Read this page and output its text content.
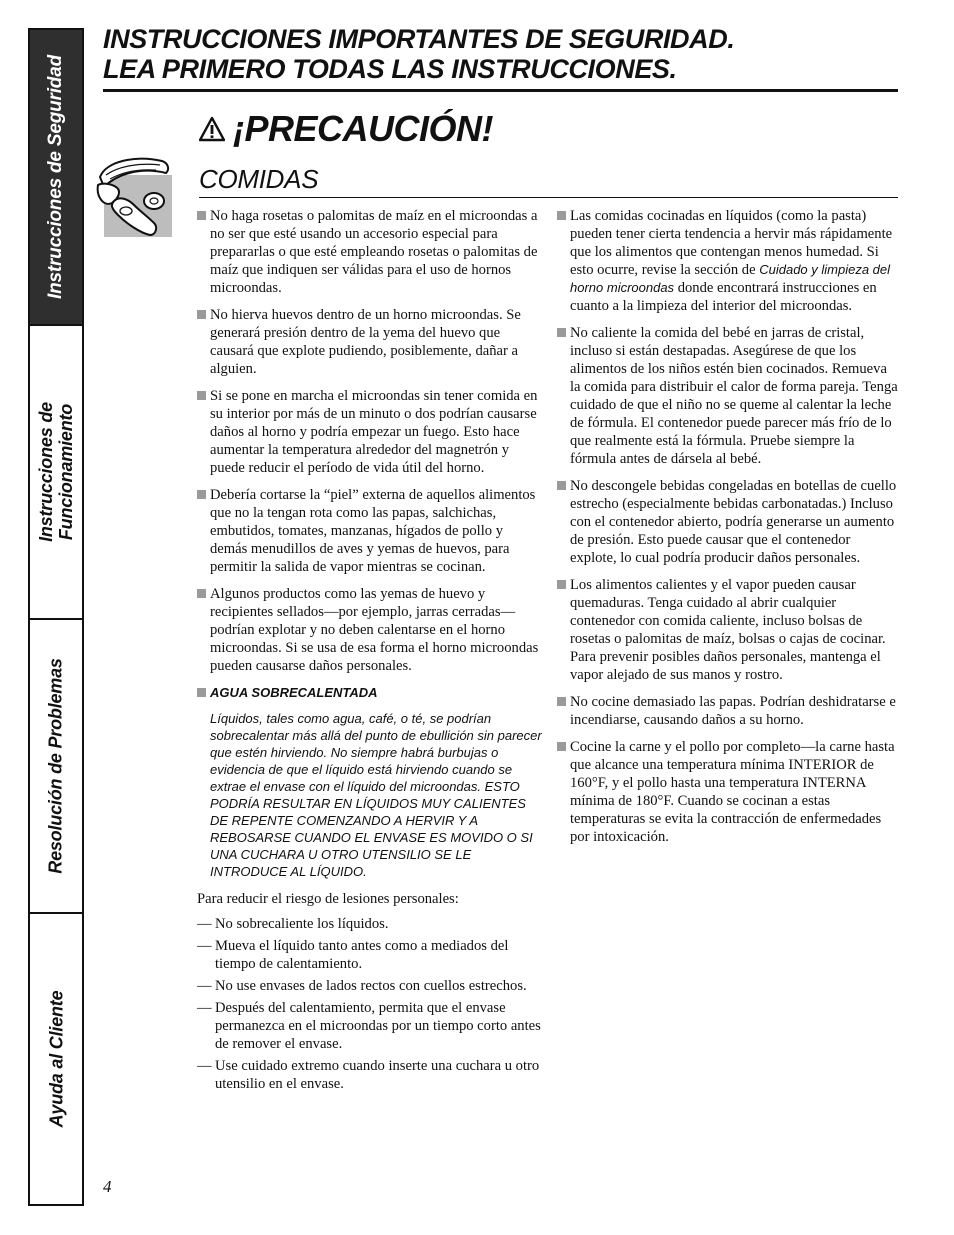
Instrucciones de Seguridad
Instrucciones de Funcionamiento
Resolución de Problemas
Ayuda al Cliente
INSTRUCCIONES IMPORTANTES DE SEGURIDAD.
LEA PRIMERO TODAS LAS INSTRUCCIONES.
¡PRECAUCIÓN!
COMIDAS
No haga rosetas o palomitas de maíz en el microondas a no ser que esté usando un accesorio especial para prepararlas o que esté empleando rosetas o palomitas de maíz que indiquen ser válidas para el uso de hornos microondas.
No hierva huevos dentro de un horno microondas. Se generará presión dentro de la yema del huevo que causará que explote pudiendo, posiblemente, dañar a alguien.
Si se pone en marcha el microondas sin tener comida en su interior por más de un minuto o dos podrían causarse daños al horno y podría empezar un fuego. Esto hace aumentar la temperatura alrededor del magnetrón y puede reducir el período de vida útil del horno.
Debería cortarse la “piel” externa de aquellos alimentos que no la tengan rota como las papas, salchichas, embutidos, tomates, manzanas, hígados de pollo y demás menudillos de aves y yemas de huevos, para permitir la salida de vapor mientras se cocinan.
Algunos productos como las yemas de huevo y recipientes sellados—por ejemplo, jarras cerradas—podrían explotar y no deben calentarse en el horno microondas. Si se usa de esa forma el horno microondas pueden causarse daños personales.
AGUA SOBRECALENTADA
Líquidos, tales como agua, café, o té, se podrían sobrecalentar más allá del punto de ebullición sin parecer que estén hirviendo. No siempre habrá burbujas o evidencia de que el líquido está hirviendo cuando se extrae el envase con el líquido del microondas. ESTO PODRÍA RESULTAR EN LÍQUIDOS MUY CALIENTES DE REPENTE COMENZANDO A HERVIR Y A REBOSARSE CUANDO EL ENVASE ES MOVIDO O SI UNA CUCHARA U OTRO UTENSILIO SE LE INTRODUCE AL LÍQUIDO.
Para reducir el riesgo de lesiones personales:
— No sobrecaliente los líquidos.
— Mueva el líquido tanto antes como a mediados del tiempo de calentamiento.
— No use envases de lados rectos con cuellos estrechos.
— Después del calentamiento, permita que el envase permanezca en el microondas por un tiempo corto antes de remover el envase.
— Use cuidado extremo cuando inserte una cuchara u otro utensilio en el envase.
Las comidas cocinadas en líquidos (como la pasta) pueden tener cierta tendencia a hervir más rápidamente que los alimentos que contengan menos humedad. Si esto ocurre, revise la sección de Cuidado y limpieza del horno microondas donde encontrará instrucciones en cuanto a la limpieza del interior del microondas.
No caliente la comida del bebé en jarras de cristal, incluso si están destapadas. Asegúrese de que los alimentos de los niños estén bien cocinados. Remueva la comida para distribuir el calor de forma pareja. Tenga cuidado de que el niño no se queme al calentar la leche de fórmula. El contenedor puede parecer más frío de lo que realmente está la fórmula. Pruebe siempre la fórmula antes de dársela al bebé.
No descongele bebidas congeladas en botellas de cuello estrecho (especialmente bebidas carbonatadas.) Incluso con el contenedor abierto, podría generarse un aumento de presión. Esto puede causar que el contenedor explote, lo cual podría producir daños personales.
Los alimentos calientes y el vapor pueden causar quemaduras. Tenga cuidado al abrir cualquier contenedor con comida caliente, incluso bolsas de rosetas o palomitas de maíz, bolsas o cajas de cocinar. Para prevenir posibles daños personales, mantenga el vapor alejado de sus manos y rostro.
No cocine demasiado las papas. Podrían deshidratarse e incendiarse, causando daños a su horno.
Cocine la carne y el pollo por completo—la carne hasta que alcance una temperatura mínima INTERIOR de 160°F, y el pollo hasta una temperatura INTERNA mínima de 180°F. Cuando se cocinan a estas temperaturas se evita la contracción de enfermedades por intoxicación.
4
